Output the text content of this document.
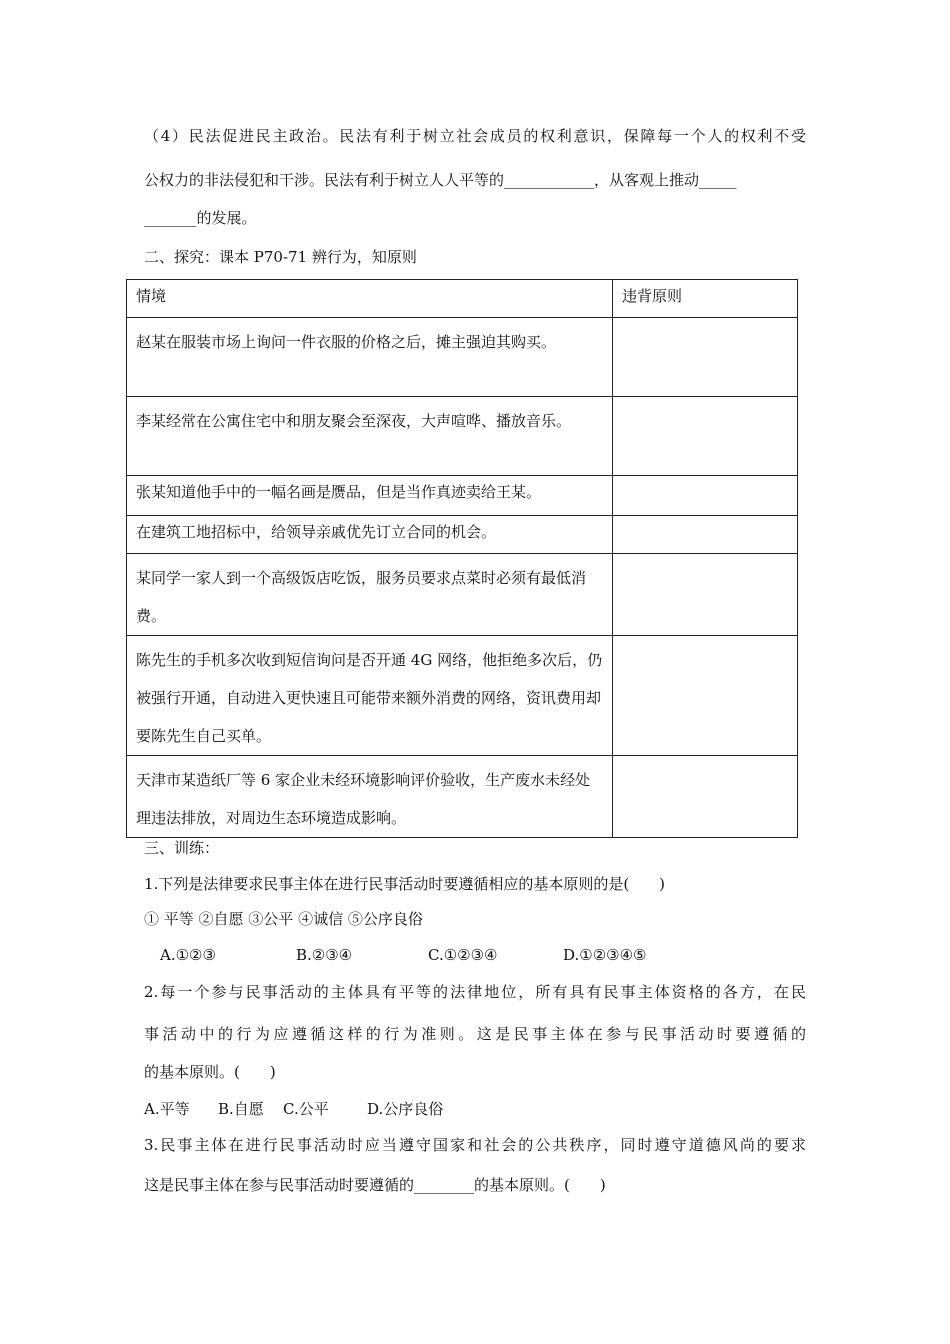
（4）民法促进民主政治。民法有利于树立社会成员的权利意识，保障每一个人的权利不受
公权力的非法侵犯和干涉。民法有利于树立人人平等的____________，从客观上推动_____
_______的发展。
二、探究：课本 P70-71 辨行为，知原则
情境	违背原则
赵某在服装市场上询问一件衣服的价格之后，摊主强迫其购买。	
李某经常在公寓住宅中和朋友聚会至深夜，大声喧哗、播放音乐。	
张某知道他手中的一幅名画是赝品，但是当作真迹卖给王某。	
在建筑工地招标中，给领导亲戚优先订立合同的机会。	
某同学一家人到一个高级饭店吃饭，服务员要求点菜时必须有最低消费。	
陈先生的手机多次收到短信询问是否开通 4G 网络，他拒绝多次后，仍被强行开通，自动进入更快速且可能带来额外消费的网络，资讯费用却要陈先生自己买单。	
天津市某造纸厂等 6 家企业未经环境影响评价验收，生产废水未经处理违法排放，对周边生态环境造成影响。	
三、训练：
1.下列是法律要求民事主体在进行民事活动时要遵循相应的基本原则的是(　　)
① 平等 ②自愿 ③公平 ④诚信 ⑤公序良俗
A.①②③	B.②③④	C.①②③④	D.①②③④⑤
2.每一个参与民事活动的主体具有平等的法律地位，所有具有民事主体资格的各方，在民
事活动中的行为应遵循这样的行为准则。这是民事主体在参与民事活动时要遵循的
的基本原则。(　　)
A.平等 B.自愿 C.公平	D.公序良俗
3.民事主体在进行民事活动时应当遵守国家和社会的公共秩序，同时遵守道德风尚的要求
这是民事主体在参与民事活动时要遵循的________的基本原则。(　　)
